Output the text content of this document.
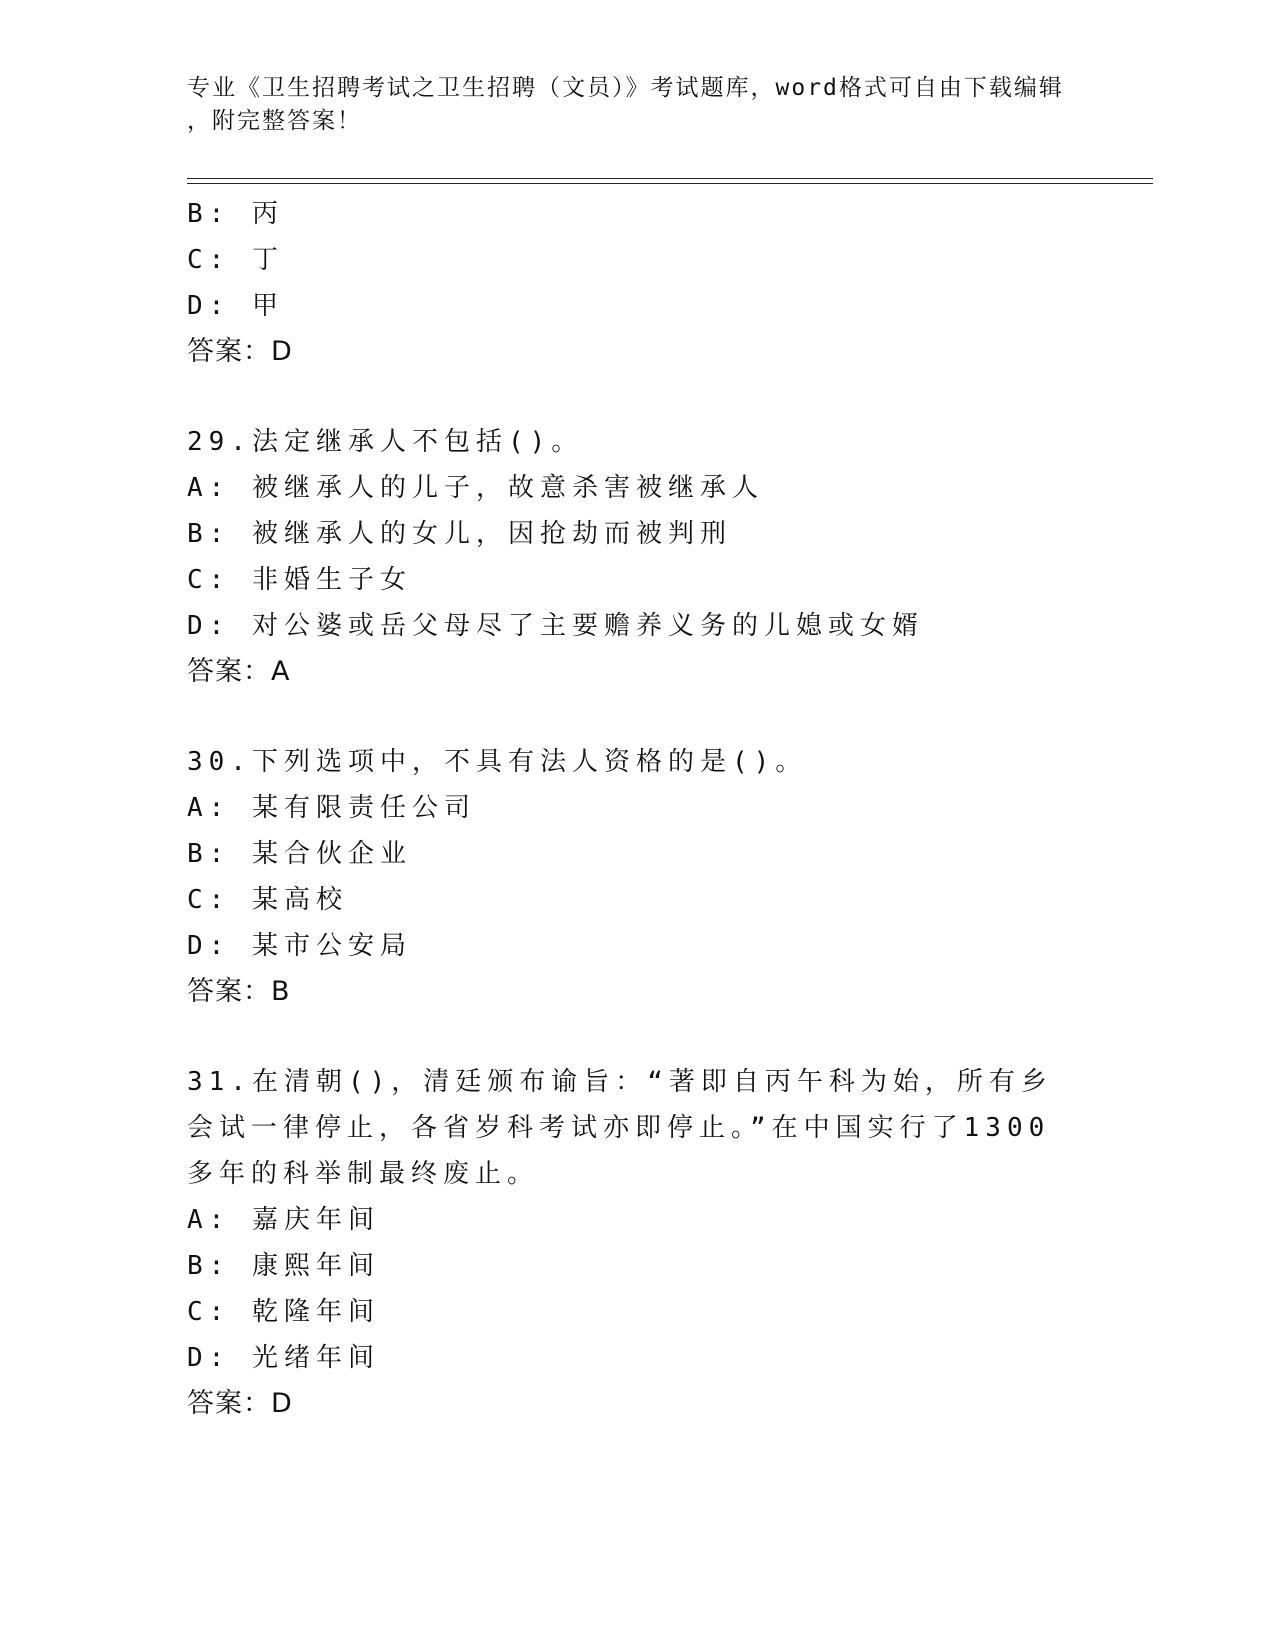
专业《卫生招聘考试之卫生招聘（文员）》考试题库，word格式可自由下载编辑
，附完整答案！
B: 丙
C: 丁
D: 甲
答案：D
29.法定继承人不包括()。
A: 被继承人的儿子，故意杀害被继承人
B: 被继承人的女儿，因抢劫而被判刑
C: 非婚生子女
D: 对公婆或岳父母尽了主要赡养义务的儿媳或女婿
答案：A
30.下列选项中，不具有法人资格的是()。
A: 某有限责任公司
B: 某合伙企业
C: 某高校
D: 某市公安局
答案：B
31.在清朝()，清廷颁布谕旨：“著即自丙午科为始，所有乡会试一律停止，各省岁科考试亦即停止。”在中国实行了1300多年的科举制最终废止。
A: 嘉庆年间
B: 康熙年间
C: 乾隆年间
D: 光绪年间
答案：D
